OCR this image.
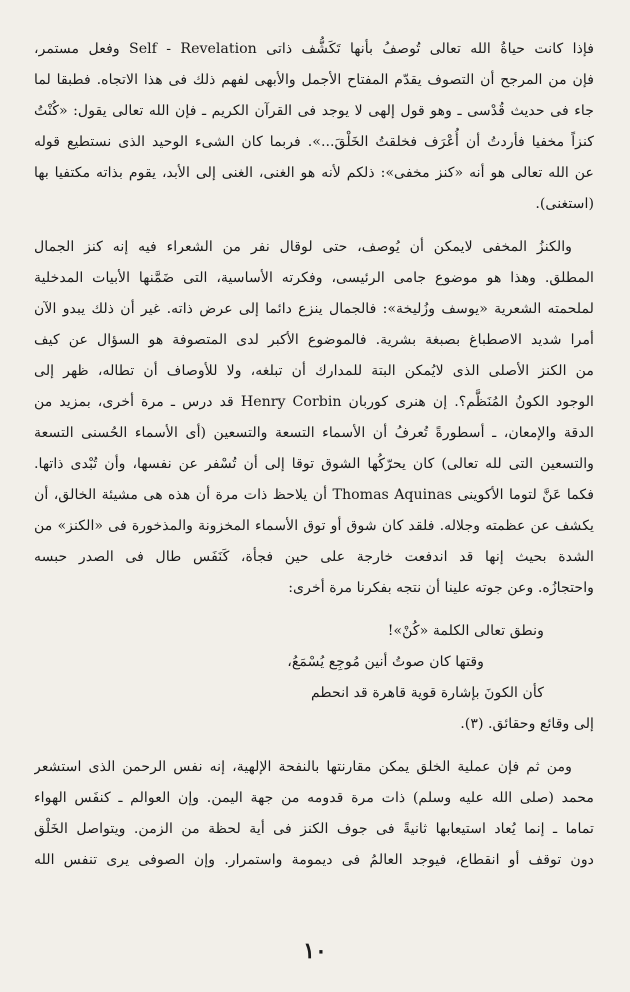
فإذا كانت حياةُ الله تعالى تُوصفُ بأنها تَكَشُّف ذاتى Self - Revelation وفعل مستمر،
فإن من المرجح أن التصوف يقدّم المفتاح الأجمل والأبهى لفهم ذلك فى هذا الاتجاه. فطبقا لما
جاء فى حديث قُدْسى ـ وهو قول إلهى لا يوجد فى القرآن الكريم ـ فإن الله تعالى يقول: «كُنْتُ
كنزاً مخفيا فأردتُ أن أُعْرَف فخلقتُ الخَلْقَ...». فربما كان الشىء الوحيد الذى نستطيع قوله
عن الله تعالى هو أنه «كنز مخفى»: ذلكم لأنه هو الغنى، الغنى إلى الأبد، يقوم بذاته مكتفيا بها
(استغنى).
والكنزُ المخفى لايمكن أن يُوصف، حتى لوقال نفر من الشعراء فيه إنه كنز الجمال
المطلق. وهذا هو موضوع جامى الرئيسى، وفكرته الأساسية، التى ضَمَّنها الأبيات المدخلية
لملحمته الشعرية «يوسف وزُليخة»: فالجمال ينزع دائما إلى عرض ذاته. غير أن ذلك يبدو الآن
أمرا شديد الاصطباغ بصبغة بشرية. فالموضوع الأكبر لدى المتصوفة هو السؤال عن كيف
من الكنز الأصلى الذى لايُمكن البتة للمدارك أن تبلغه، ولا للأوصاف أن تطاله، ظهر إلى
الوجود الكونُ المُنَظَّم؟. إن هنرى كوربان Henry Corbin قد درس ـ مرة أخرى، بمزيد من
الدقة والإمعان، ـ أسطورةً تُعرفُ أن الأسماء التسعة والتسعين (أى الأسماء الحُسنى التسعة
والتسعين التى لله تعالى) كان يحرّكُها الشوق توقا إلى أن تُسْفر عن نفسها، وأن تُبْدى ذاتها.
فكما عَنَّ لتوما الأكوينى Thomas Aquinas أن يلاحظ ذات مرة أن هذه هى مشيئة الخالق، أن
يكشف عن عظمته وجلاله. فلقد كان شوق أو توق الأسماء المخزونة والمذخورة فى «الكنز» من
الشدة بحيث إنها قد اندفعت خارجة على حين فجأة، كَنَفَس طال فى الصدر حبسه
واحتجازُه. وعن جوته علينا أن نتجه بفكرنا مرة أخرى:
ونطق تعالى الكلمة «كُنْ»!
وقتها كان صوتُ أنين مُوجِع يُسْمَعُ،
كأن الكونَ بإشارة قوية قاهرة قد انحطم
إلى وقائع وحقائق. (٣).
ومن ثم فإن عملية الخلق يمكن مقارنتها بالنفحة الإلهية، إنه نفس الرحمن الذى استشعر
محمد (صلى الله عليه وسلم) ذات مرة قدومه من جهة اليمن. وإن العوالم ـ كنفَس الهواء
تماما ـ إنما يُعاد استيعابها ثانيةً فى جوف الكنز فى أية لحظة من الزمن. ويتواصل الخَلْق
دون توقف أو انقطاع، فيوجد العالمُ فى ديمومة واستمرار. وإن الصوفى يرى تنفس الله
١٠
